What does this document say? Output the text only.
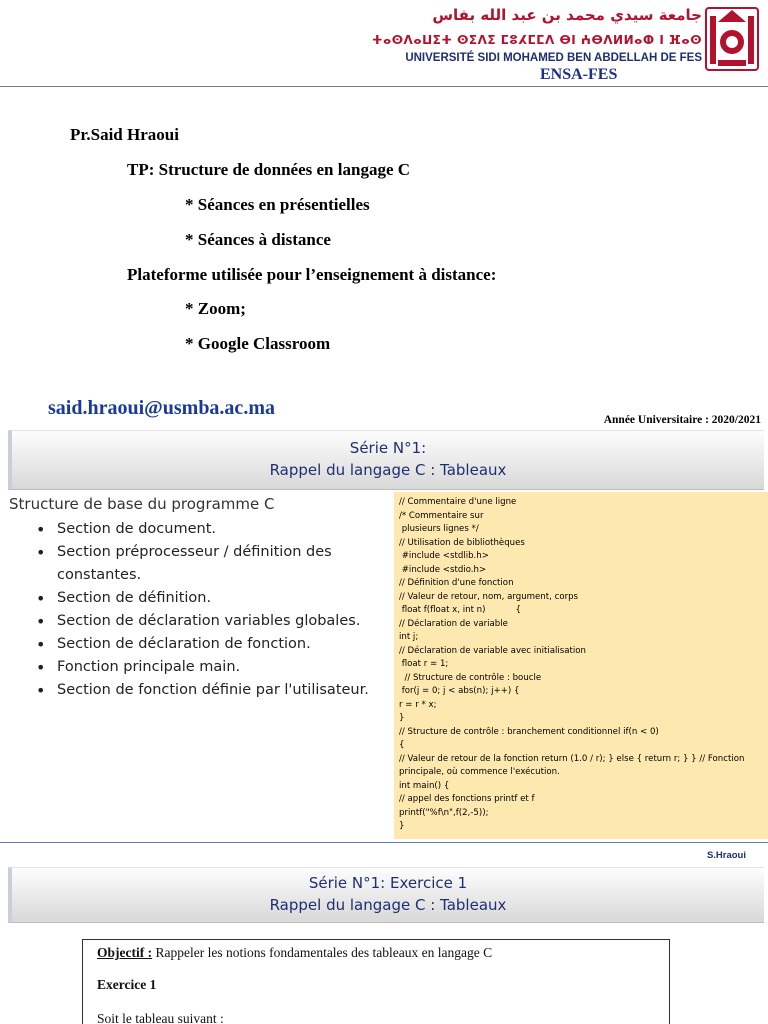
جامعة سيدي محمد بن عبد الله بفاس
ⵜⴰⵙⴷⴰⵡⵉⵜ ⵙⵉⴷⵉ ⵎⵓⵃⵎⵎⴷ ⴱⵏ ⵄⴱⴷⵍⵍⴰⵀ ⵏ ⴼⴰⵙ
UNIVERSITÉ SIDI MOHAMED BEN ABDELLAH DE FES
ENSA-FES
Pr.Said Hraoui
TP: Structure de données en langage C
* Séances en présentielles
* Séances à distance
Plateforme utilisée pour l’enseignement à distance:
* Zoom;
* Google Classroom
said.hraoui@usmba.ac.ma
Année Universitaire : 2020/2021
Série N°1:
Rappel du langage C : Tableaux
Structure de base du programme C
• Section de document.
• Section préprocesseur / définition des constantes.
• Section de définition.
• Section de déclaration variables globales.
• Section de déclaration de fonction.
• Fonction principale main.
• Section de fonction définie par l'utilisateur.
// Commentaire d'une ligne
/* Commentaire sur
plusieurs lignes */
// Utilisation de bibliothèques
#include <stdlib.h>
#include <stdio.h>
// Définition d'une fonction
// Valeur de retour, nom, argument, corps
float f(float x, int n)           {
// Déclaration de variable
int j;
// Déclaration de variable avec initialisation
float r = 1;
// Structure de contrôle : boucle
for(j = 0; j < abs(n); j++) {
r = r * x;
}
// Structure de contrôle : branchement conditionnel if(n < 0)
{
// Valeur de retour de la fonction return (1.0 / r); } else { return r; } } // Fonction
principale, où commence l'exécution.
int main() {
// appel des fonctions printf et f
printf("%f\n",f(2,-5));
}
S.Hraoui
Série N°1: Exercice 1
Rappel du langage C : Tableaux
Objectif : Rappeler les notions fondamentales des tableaux en langage C
Exercice 1
Soit le tableau suivant :
